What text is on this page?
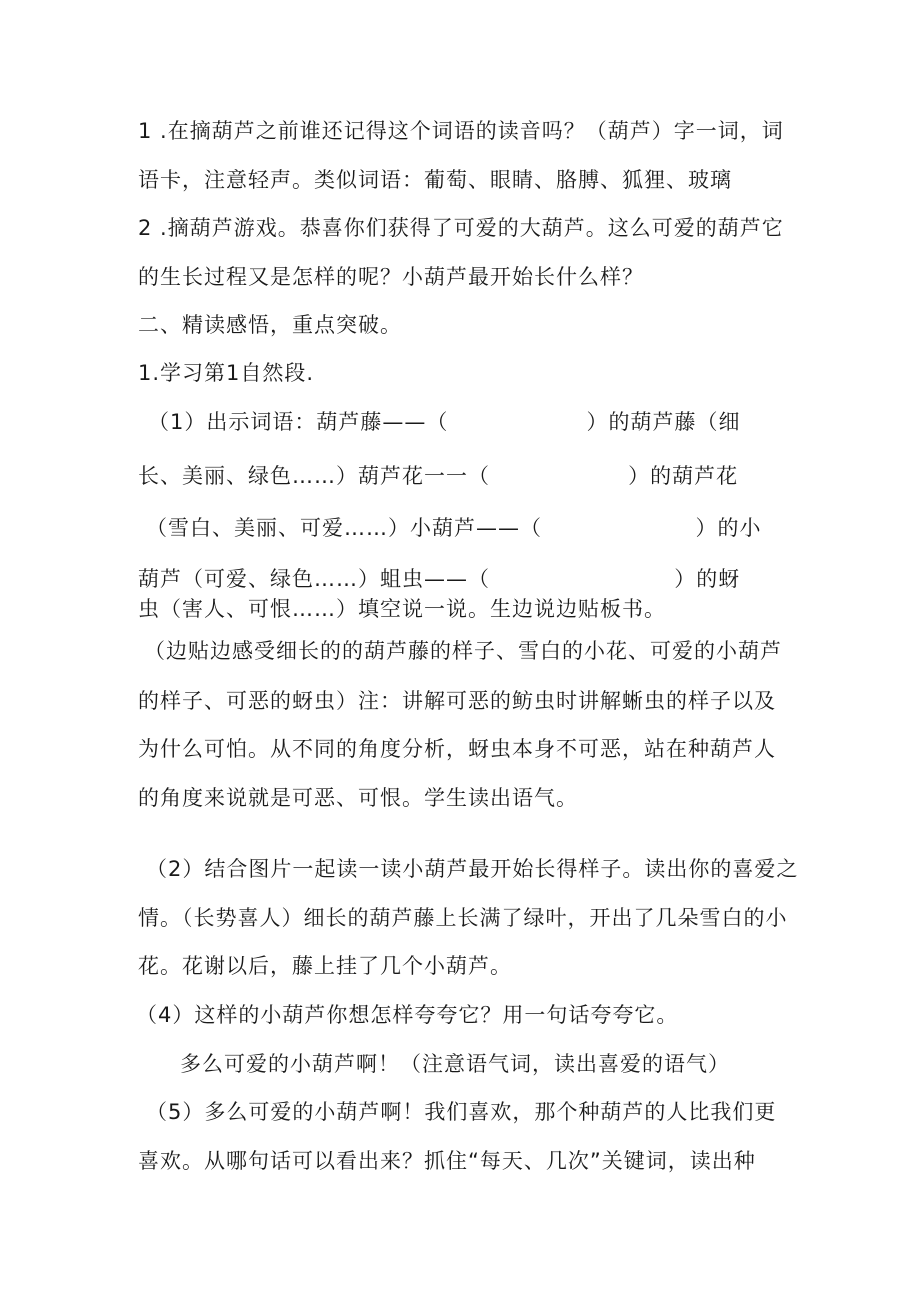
1 .在摘葫芦之前谁还记得这个词语的读音吗？（葫芦）字一词，词
语卡，注意轻声。类似词语：葡萄、眼睛、胳膊、狐狸、玻璃
2 .摘葫芦游戏。恭喜你们获得了可爱的大葫芦。这么可爱的葫芦它
的生长过程又是怎样的呢？小葫芦最开始长什么样？
二、精读感悟，重点突破。
1.学习第1自然段.
（1）出示词语：葫芦藤——（                  ）的葫芦藤（细
长、美丽、绿色……）葫芦花一一（                  ）的葫芦花
（雪白、美丽、可爱……）小葫芦——（                    ）的小
葫芦（可爱、绿色……）蛆虫——（                        ）的蚜
虫（害人、可恨……）填空说一说。生边说边贴板书。
（边贴边感受细长的的葫芦藤的样子、雪白的小花、可爱的小葫芦
的样子、可恶的蚜虫）注：讲解可恶的鲂虫时讲解蜥虫的样子以及
为什么可怕。从不同的角度分析，蚜虫本身不可恶，站在种葫芦人
的角度来说就是可恶、可恨。学生读出语气。
（2）结合图片一起读一读小葫芦最开始长得样子。读出你的喜爱之
情。（长势喜人）细长的葫芦藤上长满了绿叶，开出了几朵雪白的小
花。花谢以后，藤上挂了几个小葫芦。
（4）这样的小葫芦你想怎样夸夸它？用一句话夸夸它。
多么可爱的小葫芦啊！（注意语气词，读出喜爱的语气）
（5）多么可爱的小葫芦啊！我们喜欢，那个种葫芦的人比我们更
喜欢。从哪句话可以看出来？抓住“每天、几次”关键词，读出种
